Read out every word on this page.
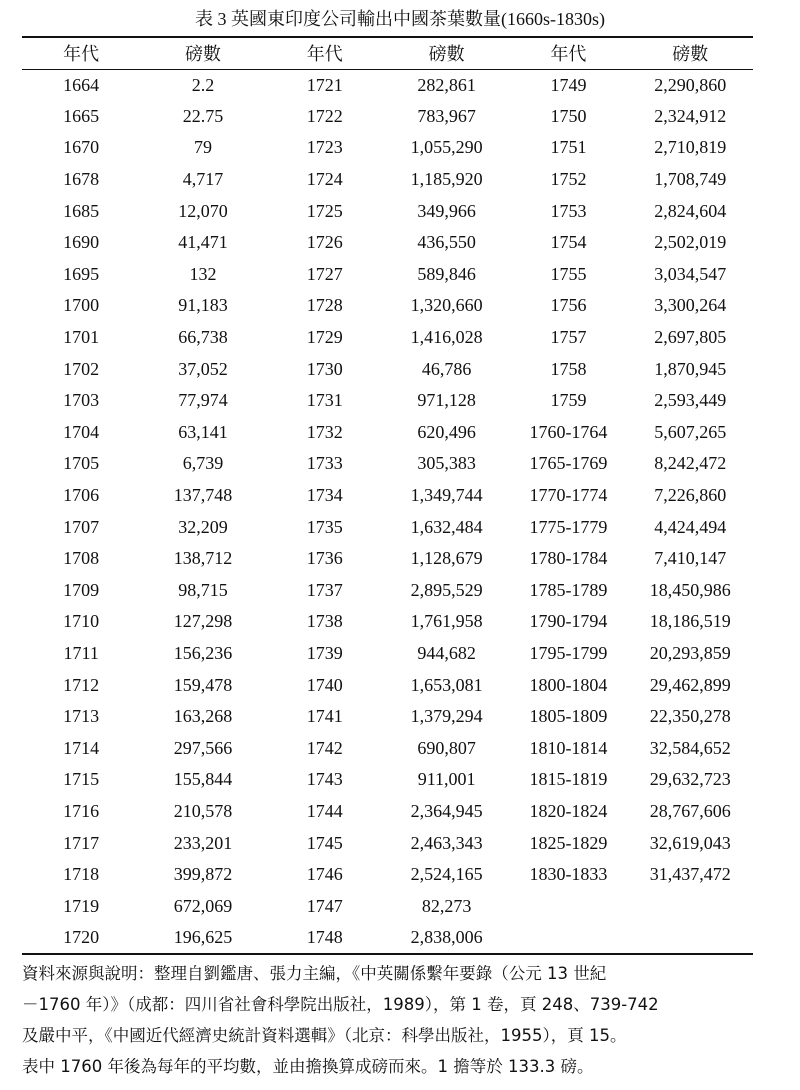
表 3 英國東印度公司輸出中國茶葉數量(1660s-1830s)
年代	磅數	年代	磅數	年代	磅數
1664	2.2	1721	282,861	1749	2,290,860
1665	22.75	1722	783,967	1750	2,324,912
1670	79	1723	1,055,290	1751	2,710,819
1678	4,717	1724	1,185,920	1752	1,708,749
1685	12,070	1725	349,966	1753	2,824,604
1690	41,471	1726	436,550	1754	2,502,019
1695	132	1727	589,846	1755	3,034,547
1700	91,183	1728	1,320,660	1756	3,300,264
1701	66,738	1729	1,416,028	1757	2,697,805
1702	37,052	1730	46,786	1758	1,870,945
1703	77,974	1731	971,128	1759	2,593,449
1704	63,141	1732	620,496	1760-1764	5,607,265
1705	6,739	1733	305,383	1765-1769	8,242,472
1706	137,748	1734	1,349,744	1770-1774	7,226,860
1707	32,209	1735	1,632,484	1775-1779	4,424,494
1708	138,712	1736	1,128,679	1780-1784	7,410,147
1709	98,715	1737	2,895,529	1785-1789	18,450,986
1710	127,298	1738	1,761,958	1790-1794	18,186,519
1711	156,236	1739	944,682	1795-1799	20,293,859
1712	159,478	1740	1,653,081	1800-1804	29,462,899
1713	163,268	1741	1,379,294	1805-1809	22,350,278
1714	297,566	1742	690,807	1810-1814	32,584,652
1715	155,844	1743	911,001	1815-1819	29,632,723
1716	210,578	1744	2,364,945	1820-1824	28,767,606
1717	233,201	1745	2,463,343	1825-1829	32,619,043
1718	399,872	1746	2,524,165	1830-1833	31,437,472
1719	672,069	1747	82,273		
1720	196,625	1748	2,838,006		

資料來源與說明：整理自劉鑑唐、張力主編，《中英關係繫年要錄（公元 13 世紀

－1760 年）》（成都：四川省社會科學院出版社，1989），第 1 卷，頁 248、739-742

及嚴中平，《中國近代經濟史統計資料選輯》（北京：科學出版社，1955），頁 15。

表中 1760 年後為每年的平均數，並由擔換算成磅而來。1 擔等於 133.3 磅。
